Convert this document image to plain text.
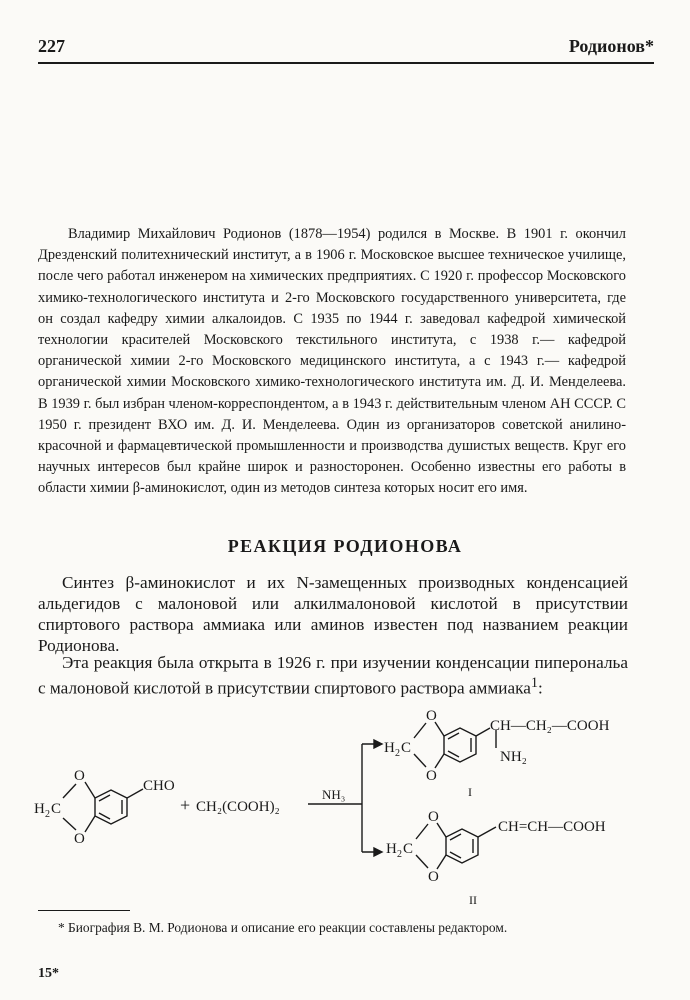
227	Родионов*

Владимир Михайлович Родионов (1878—1954) родился в Москве. В 1901 г. окончил Дрезденский политехнический институт, а в 1906 г. Московское высшее техническое училище, после чего работал инженером на химических предприятиях. С 1920 г. профессор Московского химико-технологического института и 2-го Московского государственного университета, где он создал кафедру химии алкалоидов. С 1935 по 1944 г. заведовал кафедрой химической технологии красителей Московского текстильного института, с 1938 г.— кафедрой органической химии 2-го Московского медицинского института, а с 1943 г.— кафедрой органической химии Московского химико-технологического института им. Д. И. Менделеева. В 1939 г. был избран членом-корреспондентом, а в 1943 г. действительным членом АН СССР. С 1950 г. президент ВХО им. Д. И. Менделеева. Один из организаторов советской анилино-красочной и фармацевтической промышленности и производства душистых веществ. Круг его научных интересов был крайне широк и разносторонен. Особенно известны его работы в области химии β-аминокислот, один из методов синтеза которых носит его имя.

РЕАКЦИЯ РОДИОНОВА

Синтез β-аминокислот и их N-замещенных производных конденсацией альдегидов с малоновой или алкилмалоновой кислотой в присутствии спиртового раствора аммиака или аминов известен под названием реакции Родионова.

Эта реакция была открыта в 1926 г. при изучении конденсации пиперональа с малоновой кислотой в присутствии спиртового раствора аммиака$^1$:

O
O
H 2 C
CHO
+ CH₂(COOH)₂
NH₃
O
O
H 2 C
CH—CH₂—COOH
NH₂
I
O
O
H 2 C
CH=CH—COOH
II

* Биография В. М. Родионова и описание его реакции составлены редактором.

15*
